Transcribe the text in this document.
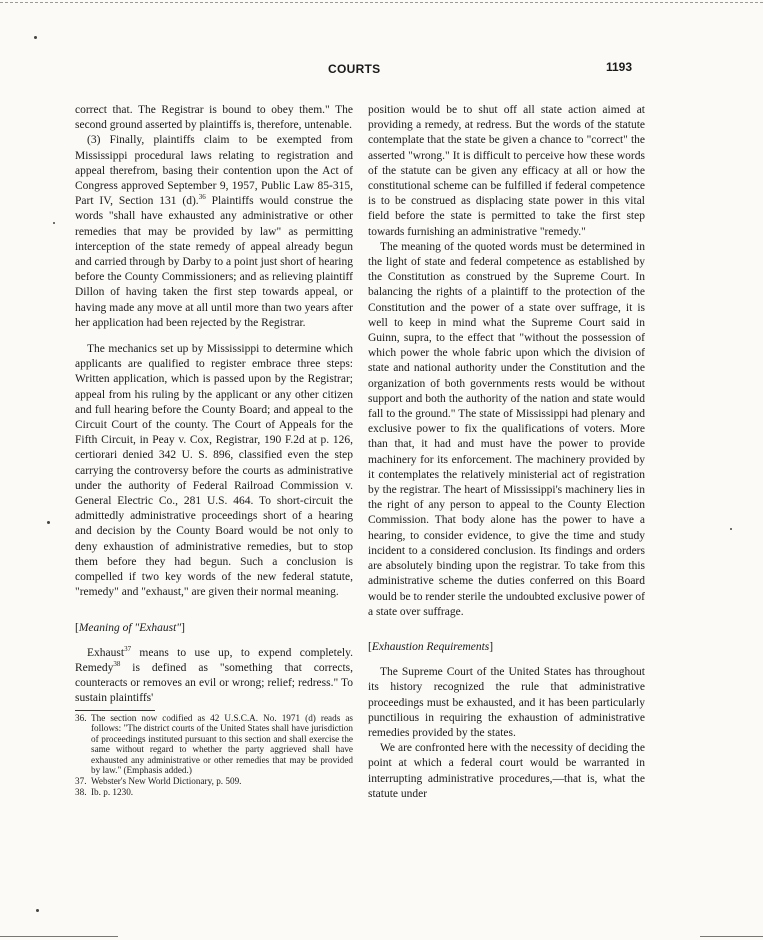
COURTS	1193

correct that. The Registrar is bound to obey them." The second ground asserted by plaintiffs is, therefore, untenable.

(3) Finally, plaintiffs claim to be exempted from Mississippi procedural laws relating to registration and appeal therefrom, basing their contention upon the Act of Congress approved September 9, 1957, Public Law 85-315, Part IV, Section 131 (d).$^{36}$ Plaintiffs would construe the words "shall have exhausted any administrative or other remedies that may be provided by law" as permitting interception of the state remedy of appeal already begun and carried through by Darby to a point just short of hearing before the County Commissioners; and as relieving plaintiff Dillon of having taken the first step towards appeal, or having made any move at all until more than two years after her application had been rejected by the Registrar.

The mechanics set up by Mississippi to determine which applicants are qualified to register embrace three steps: Written application, which is passed upon by the Registrar; appeal from his ruling by the applicant or any other citizen and full hearing before the County Board; and appeal to the Circuit Court of the county. The Court of Appeals for the Fifth Circuit, in Peay v. Cox, Registrar, 190 F.2d at p. 126, certiorari denied 342 U. S. 896, classified even the step carrying the controversy before the courts as administrative under the authority of Federal Railroad Commission v. General Electric Co., 281 U.S. 464. To short-circuit the admittedly administrative proceedings short of a hearing and decision by the County Board would be not only to deny exhaustion of administrative remedies, but to stop them before they had begun. Such a conclusion is compelled if two key words of the new federal statute, "remedy" and "exhaust," are given their normal meaning.

[Meaning of "Exhaust"]

Exhaust$^{37}$ means to use up, to expend completely. Remedy$^{38}$ is defined as "something that corrects, counteracts or removes an evil or wrong; relief; redress." To sustain plaintiffs'

36. The section now codified as 42 U.S.C.A. No. 1971 (d) reads as follows: "The district courts of the United States shall have jurisdiction of proceedings instituted pursuant to this section and shall exercise the same without regard to whether the party aggrieved shall have exhausted any administrative or other remedies that may be provided by law." (Emphasis added.)
37. Webster's New World Dictionary, p. 509.
38. Ib. p. 1230.

position would be to shut off all state action aimed at providing a remedy, at redress. But the words of the statute contemplate that the state be given a chance to "correct" the asserted "wrong." It is difficult to perceive how these words of the statute can be given any efficacy at all or how the constitutional scheme can be fulfilled if federal competence is to be construed as displacing state power in this vital field before the state is permitted to take the first step towards furnishing an administrative "remedy."

The meaning of the quoted words must be determined in the light of state and federal competence as established by the Constitution as construed by the Supreme Court. In balancing the rights of a plaintiff to the protection of the Constitution and the power of a state over suffrage, it is well to keep in mind what the Supreme Court said in Guinn, supra, to the effect that "without the possession of which power the whole fabric upon which the division of state and national authority under the Constitution and the organization of both governments rests would be without support and both the authority of the nation and state would fall to the ground." The state of Mississippi had plenary and exclusive power to fix the qualifications of voters. More than that, it had and must have the power to provide machinery for its enforcement. The machinery provided by it contemplates the relatively ministerial act of registration by the registrar. The heart of Mississippi's machinery lies in the right of any person to appeal to the County Election Commission. That body alone has the power to have a hearing, to consider evidence, to give the time and study incident to a considered conclusion. Its findings and orders are absolutely binding upon the registrar. To take from this administrative scheme the duties conferred on this Board would be to render sterile the undoubted exclusive power of a state over suffrage.

[Exhaustion Requirements]

The Supreme Court of the United States has throughout its history recognized the rule that administrative proceedings must be exhausted, and it has been particularly punctilious in requiring the exhaustion of administrative remedies provided by the states.

We are confronted here with the necessity of deciding the point at which a federal court would be warranted in interrupting administrative procedures,—that is, what the statute under
